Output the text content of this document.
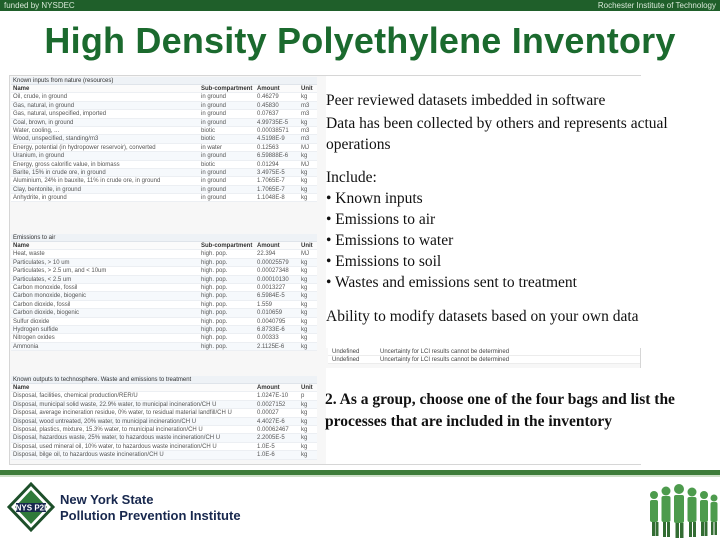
funded by NYSDEC	Rochester Institute of Technology
High Density Polyethylene Inventory
Known inputs from nature (resources)
Name	Sub-compartment Amount	Unit
Oil, crude, in ground	in ground	0.46279	kg
Gas, natural, in ground	in ground	0.45830	m3
Gas, natural, unspecified, imported	in ground	0.07637	m3
Coal, brown, in ground	in ground	4.99735E-5	kg
Water, cooling, ...	biotic	0.00038571	m3
Wood, unspecified, standing/m3	biotic	4.5198E-9	m3
Energy, potential (in hydropower reservoir), converted	in water	0.12563	MJ
Uranium, in ground	in ground	6.59888E-6	kg
Energy, gross calorific value, in biomass	biotic	0.01294	MJ
Barite, 15% in crude ore, in ground	in ground	3.4975E-5	kg
Aluminium, 24% in bauxite, 11% in crude ore, in ground	in ground	1.7065E-7	kg
Clay, bentonite, in ground	in ground	1.7065E-7	kg
Anhydrite, in ground	in ground	1.1048E-8	kg
Emissions to air
Name	Sub-compartment Amount	Unit
Heat, waste	high. pop.	22.394	MJ
Particulates, > 10 um	high. pop.	0.00025579	kg
Particulates, > 2.5 um, and < 10um	high. pop.	0.00027348	kg
Particulates, < 2.5 um	high. pop.	0.00010130	kg
Carbon monoxide, fossil	high. pop.	0.0013227	kg
Carbon monoxide, biogenic	high. pop.	6.5984E-5	kg
Carbon dioxide, fossil	high. pop.	1.559	kg
Carbon dioxide, biogenic	high. pop.	0.010659	kg
Sulfur dioxide	high. pop.	0.0040795	kg
Hydrogen sulfide	high. pop.	6.8733E-6	kg
Nitrogen oxides	high. pop.	0.00333	kg
Ammonia	high. pop.	2.1125E-6	kg
Known outputs to technosphere. Waste and emissions to treatment
Name	Amount	Unit
Disposal, facilities, chemical production/RER/U	1.0247E-10	p
Disposal, municipal solid waste, 22.9% water, to municipal incineration/CH U	0.0027152	kg
Disposal, average incineration residue, 0% water, to residual material landfill/CH U	0.00027	kg
Disposal, wood untreated, 20% water, to municipal incineration/CH U	4.4027E-6	kg
Disposal, plastics, mixture, 15.3% water, to municipal incineration/CH U	0.00062467	kg
Disposal, hazardous waste, 25% water, to hazardous waste incineration/CH U	2.2005E-5	kg
Disposal, used mineral oil, 10% water, to hazardous waste incineration/CH U	1.0E-5	kg
Disposal, bilge oil, to hazardous waste incineration/CH U	1.0E-6	kg
Undefined	Uncertainty for LCI results cannot be determined
Undefined	Uncertainty for LCI results cannot be determined
Peer reviewed datasets imbedded in software
Data has been collected by others and represents actual operations
Include:
• Known inputs
• Emissions to air
• Emissions to water
• Emissions to soil
• Wastes and emissions sent to treatment
Ability to modify datasets based on your own data
2. As a group, choose one of the four bags and list the processes that are included in the inventory
NYS P2I
New York State
Pollution Prevention Institute
